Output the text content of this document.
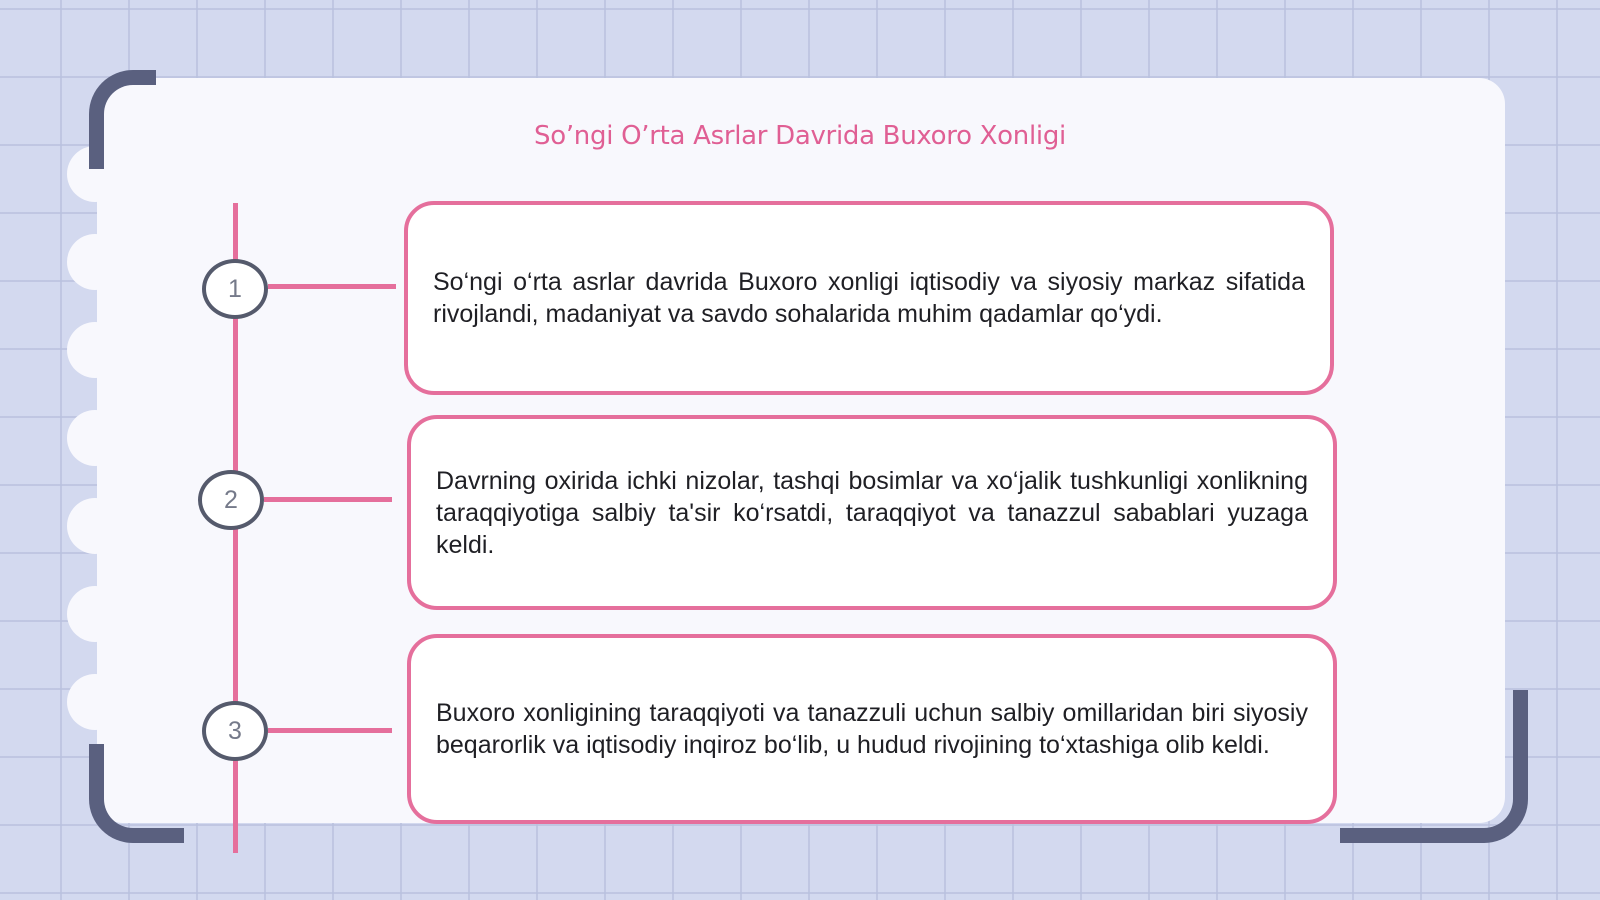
So’ngi O’rta Asrlar Davrida Buxoro Xonligi
1	So‘ngi o‘rta asrlar davrida Buxoro xonligi iqtisodiy va siyosiy markaz sifatida rivojlandi, madaniyat va savdo sohalarida muhim qadamlar qo‘ydi.

2

Davrning oxirida ichki nizolar, tashqi bosimlar va xo‘jalik tushkunligi xonlikning taraqqiyotiga salbiy ta'sir ko‘rsatdi, taraqqiyot va tanazzul sabablari yuzaga keldi.

3

Buxoro xonligining taraqqiyoti va tanazzuli uchun salbiy omillaridan biri siyosiy beqarorlik va iqtisodiy inqiroz bo‘lib, u hudud rivojining to‘xtashiga olib keldi.
